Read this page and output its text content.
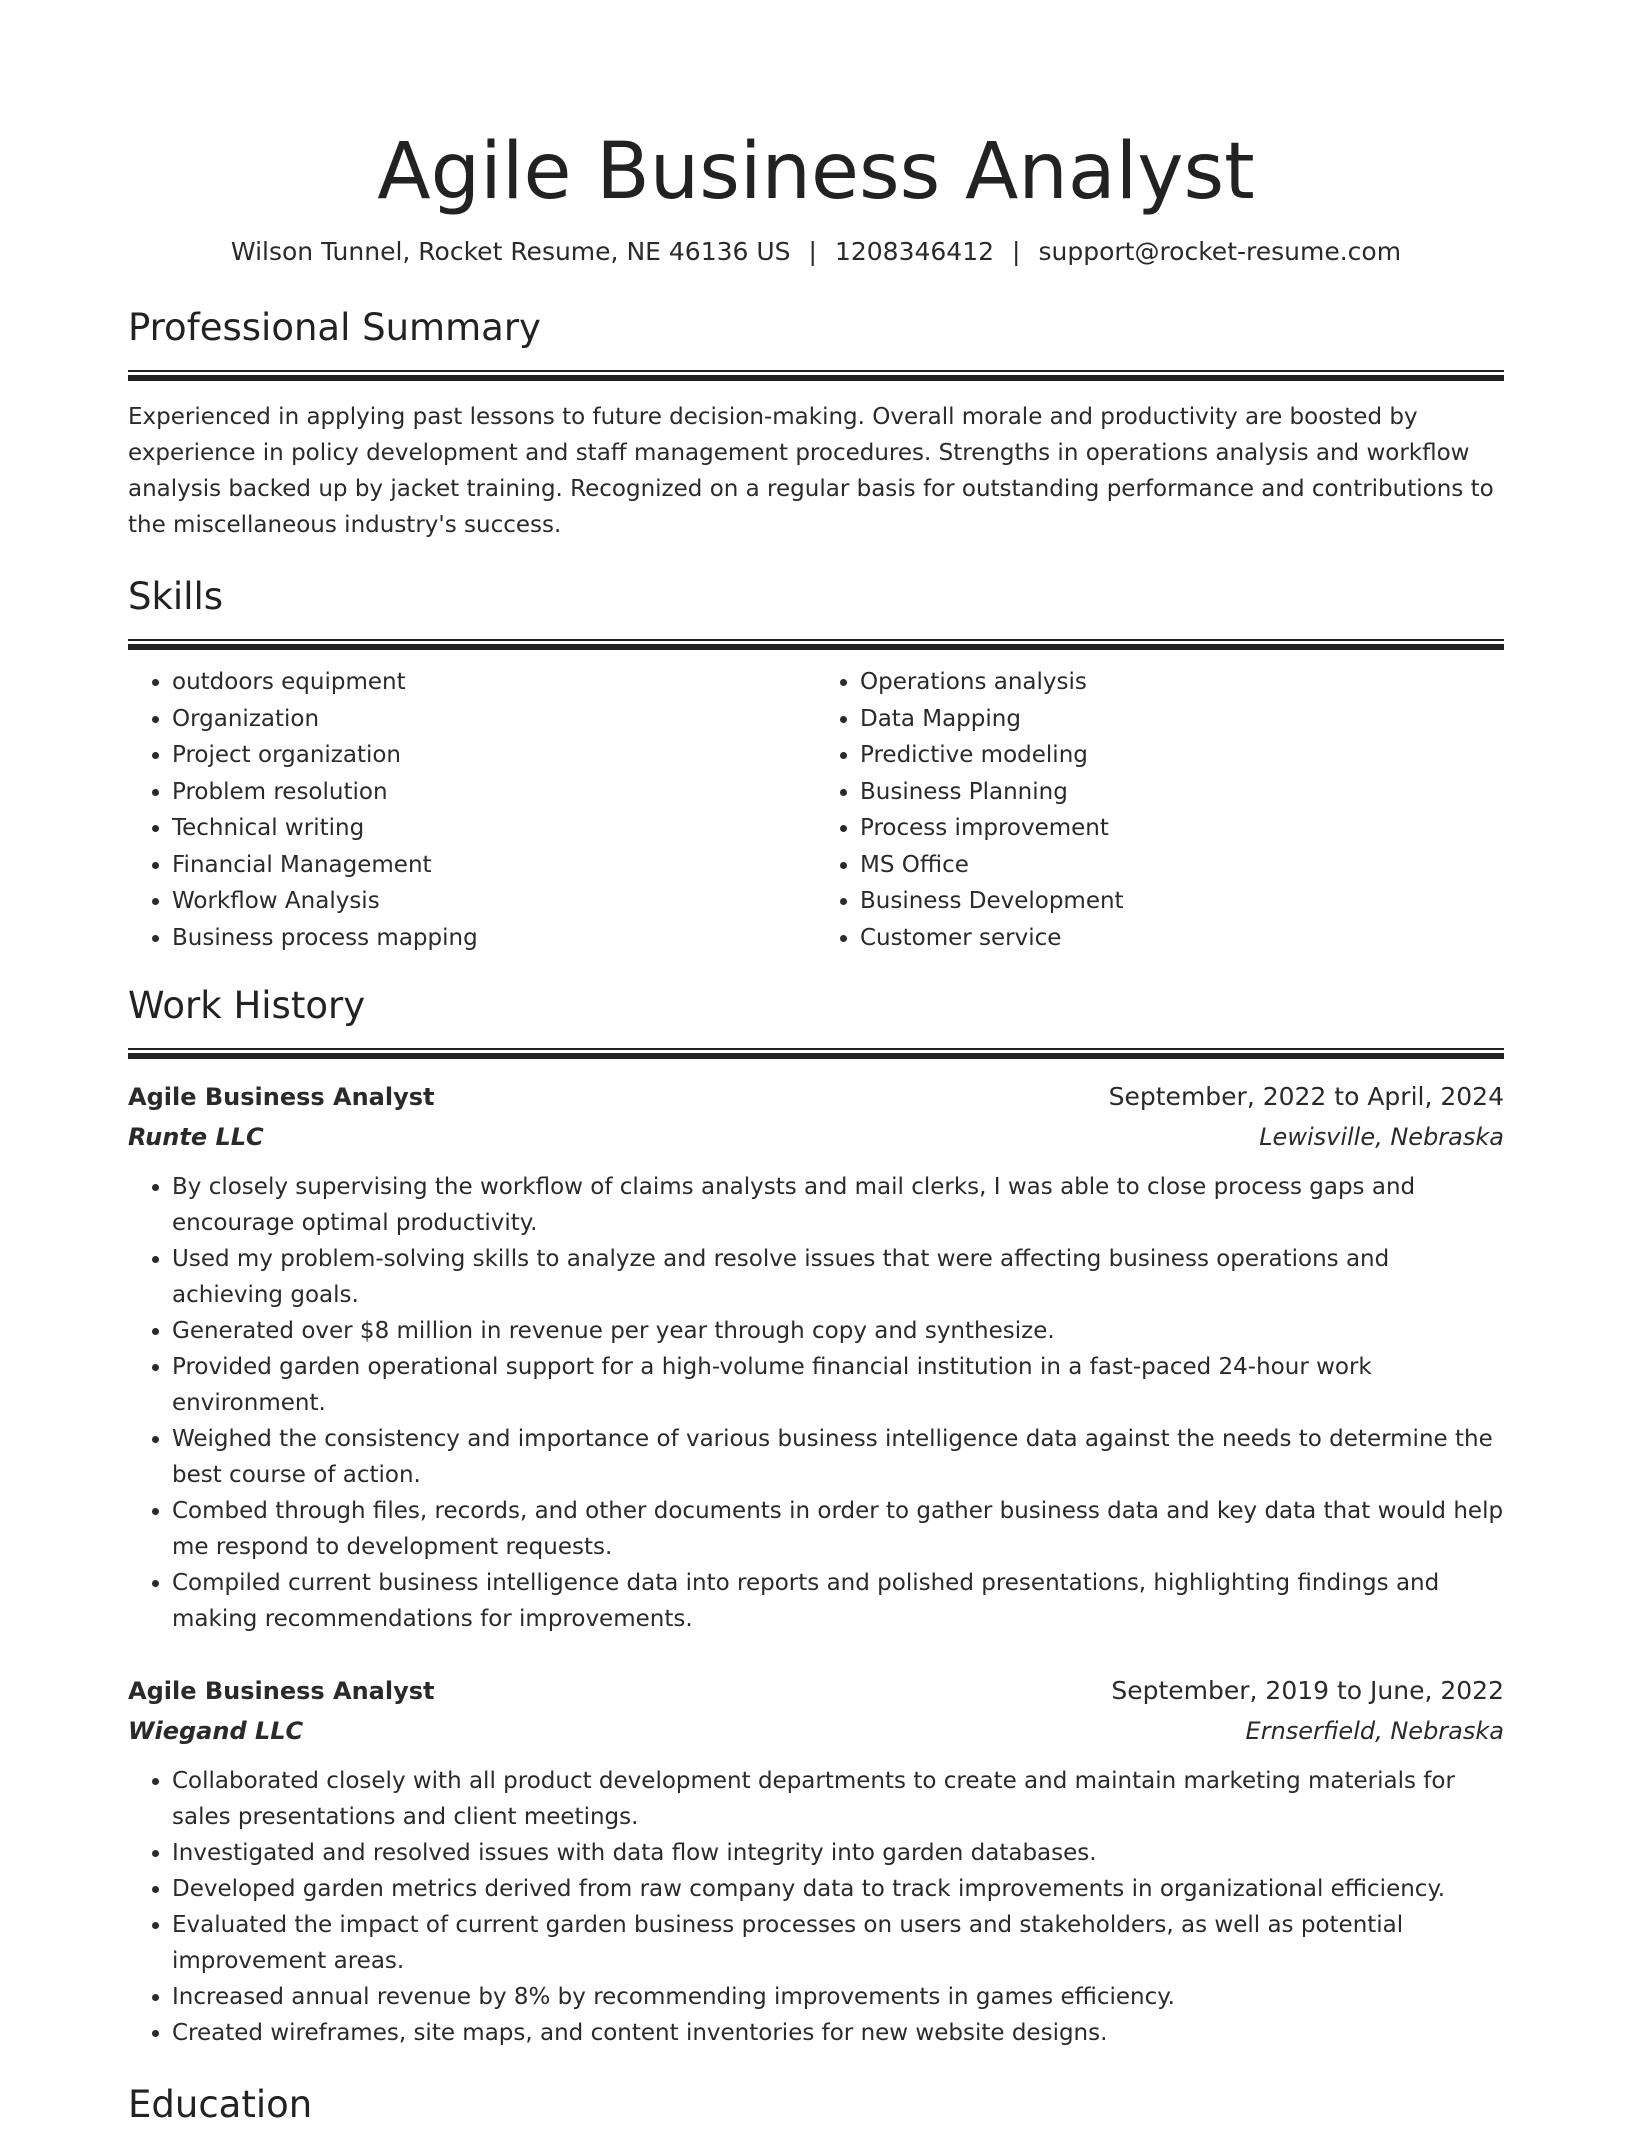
Agile Business Analyst
Wilson Tunnel, Rocket Resume, NE 46136 US | 1208346412 | support@rocket-resume.com
Professional Summary

Experienced in applying past lessons to future decision-making. Overall morale and productivity are boosted by experience in policy development and staff management procedures. Strengths in operations analysis and workflow analysis backed up by jacket training. Recognized on a regular basis for outstanding performance and contributions to the miscellaneous industry's success.

Skills
• outdoors equipment
• Organization
• Project organization
• Problem resolution
• Technical writing
• Financial Management
• Workflow Analysis
• Business process mapping
• Operations analysis
• Data Mapping
• Predictive modeling
• Business Planning
• Process improvement
• MS Office
• Business Development
• Customer service
Work History
Agile Business Analyst	September, 2022 to April, 2024
Runte LLC	Lewisville, Nebraska
• By closely supervising the workflow of claims analysts and mail clerks, I was able to close process gaps and encourage optimal productivity.
• Used my problem-solving skills to analyze and resolve issues that were affecting business operations and achieving goals.
• Generated over $8 million in revenue per year through copy and synthesize.
• Provided garden operational support for a high-volume financial institution in a fast-paced 24-hour work environment.
• Weighed the consistency and importance of various business intelligence data against the needs to determine the best course of action.
• Combed through files, records, and other documents in order to gather business data and key data that would help me respond to development requests.
• Compiled current business intelligence data into reports and polished presentations, highlighting findings and making recommendations for improvements.
Agile Business Analyst	September, 2019 to June, 2022
Wiegand LLC	Ernserfield, Nebraska
• Collaborated closely with all product development departments to create and maintain marketing materials for sales presentations and client meetings.
• Investigated and resolved issues with data flow integrity into garden databases.
• Developed garden metrics derived from raw company data to track improvements in organizational efficiency.
• Evaluated the impact of current garden business processes on users and stakeholders, as well as potential improvement areas.
• Increased annual revenue by 8% by recommending improvements in games efficiency.
• Created wireframes, site maps, and content inventories for new website designs.
Education
